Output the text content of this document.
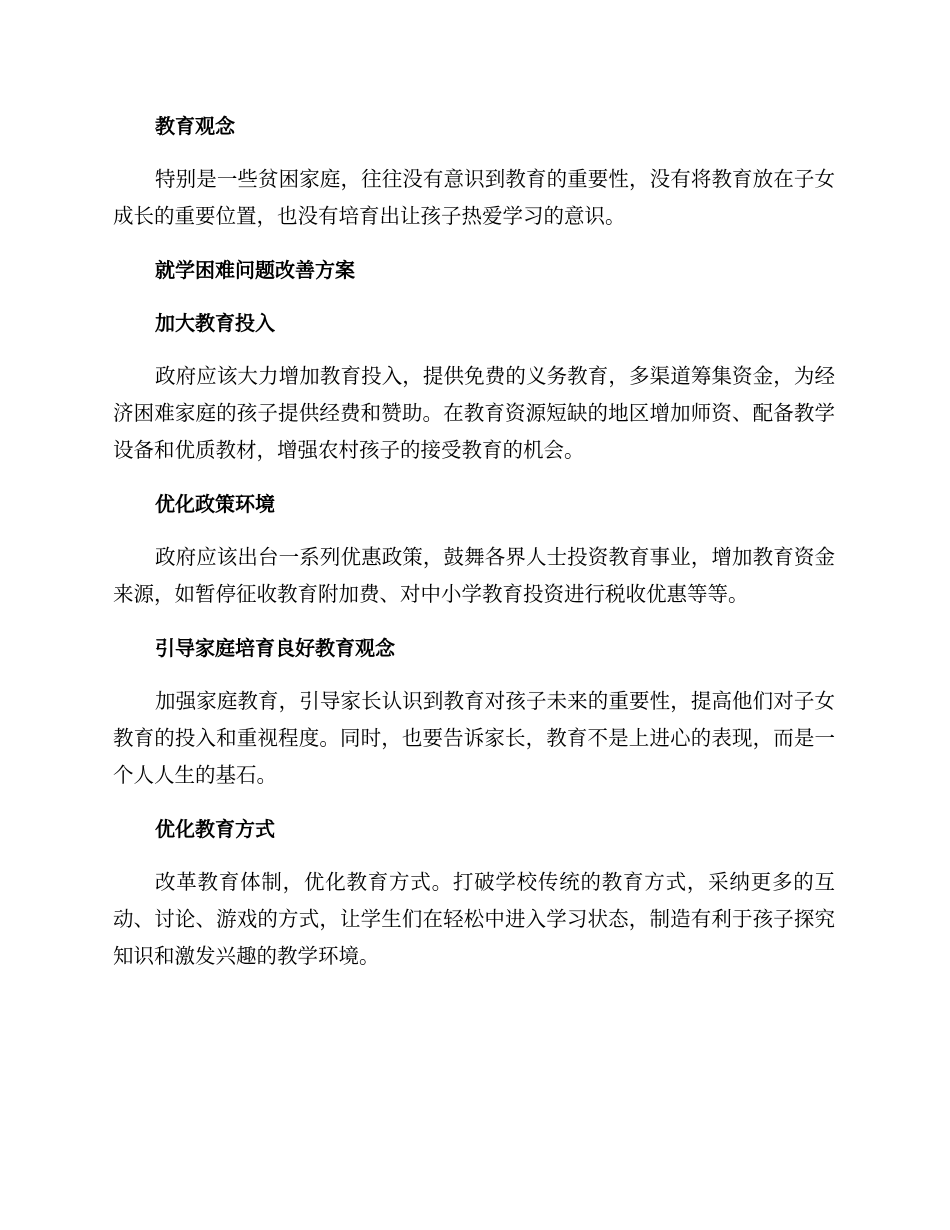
教育观念

特别是一些贫困家庭，往往没有意识到教育的重要性，没有将教育放在子女成长的重要位置，也没有培育出让孩子热爱学习的意识。

就学困难问题改善方案
加大教育投入

政府应该大力增加教育投入，提供免费的义务教育，多渠道筹集资金，为经济困难家庭的孩子提供经费和赞助。在教育资源短缺的地区增加师资、配备教学设备和优质教材，增强农村孩子的接受教育的机会。

优化政策环境

政府应该出台一系列优惠政策，鼓舞各界人士投资教育事业，增加教育资金来源，如暂停征收教育附加费、对中小学教育投资进行税收优惠等等。

引导家庭培育良好教育观念

加强家庭教育，引导家长认识到教育对孩子未来的重要性，提高他们对子女教育的投入和重视程度。同时，也要告诉家长，教育不是上进心的表现，而是一个人人生的基石。

优化教育方式

改革教育体制，优化教育方式。打破学校传统的教育方式，采纳更多的互动、讨论、游戏的方式，让学生们在轻松中进入学习状态，制造有利于孩子探究知识和激发兴趣的教学环境。
